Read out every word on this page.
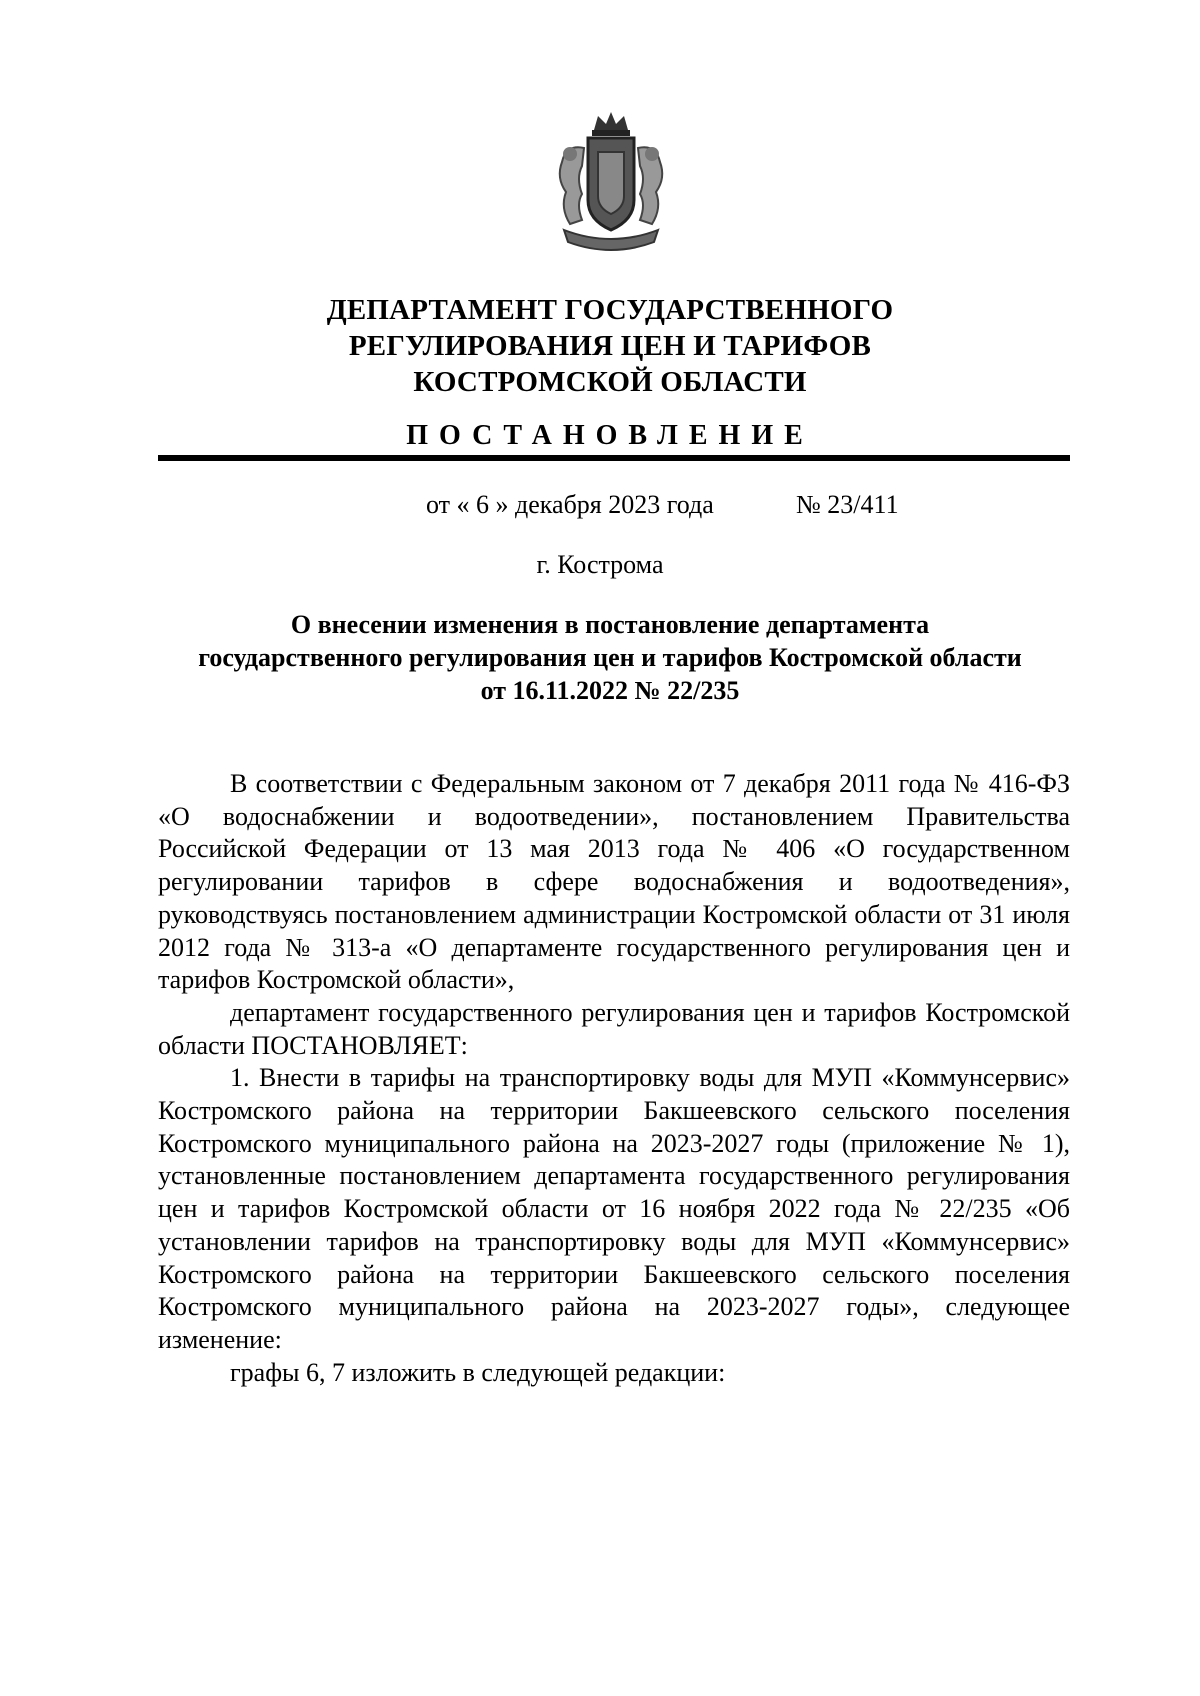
ДЕПАРТАМЕНТ ГОСУДАРСТВЕННОГО
РЕГУЛИРОВАНИЯ ЦЕН И ТАРИФОВ
КОСТРОМСКОЙ ОБЛАСТИ
ПОСТАНОВЛЕНИЕ
от « 6 » декабря 2023 года	№ 23/411
г. Кострома
О внесении изменения в постановление департамента
государственного регулирования цен и тарифов Костромской области
от 16.11.2022 № 22/235

В соответствии с Федеральным законом от 7 декабря 2011 года № 416-ФЗ «О водоснабжении и водоотведении», постановлением Правительства Российской Федерации от 13 мая 2013 года № 406 «О государственном регулировании тарифов в сфере водоснабжения и водоотведения», руководствуясь постановлением администрации Костромской области от 31 июля 2012 года № 313-а «О департаменте государственного регулирования цен и тарифов Костромской области»,

департамент государственного регулирования цен и тарифов Костромской области ПОСТАНОВЛЯЕТ:

1. Внести в тарифы на транспортировку воды для МУП «Коммунсервис» Костромского района на территории Бакшеевского сельского поселения Костромского муниципального района на 2023-2027 годы (приложение № 1), установленные постановлением департамента государственного регулирования цен и тарифов Костромской области от 16 ноября 2022 года № 22/235 «Об установлении тарифов на транспортировку воды для МУП «Коммунсервис» Костромского района на территории Бакшеевского сельского поселения Костромского муниципального района на 2023-2027 годы», следующее изменение:

графы 6, 7 изложить в следующей редакции:
